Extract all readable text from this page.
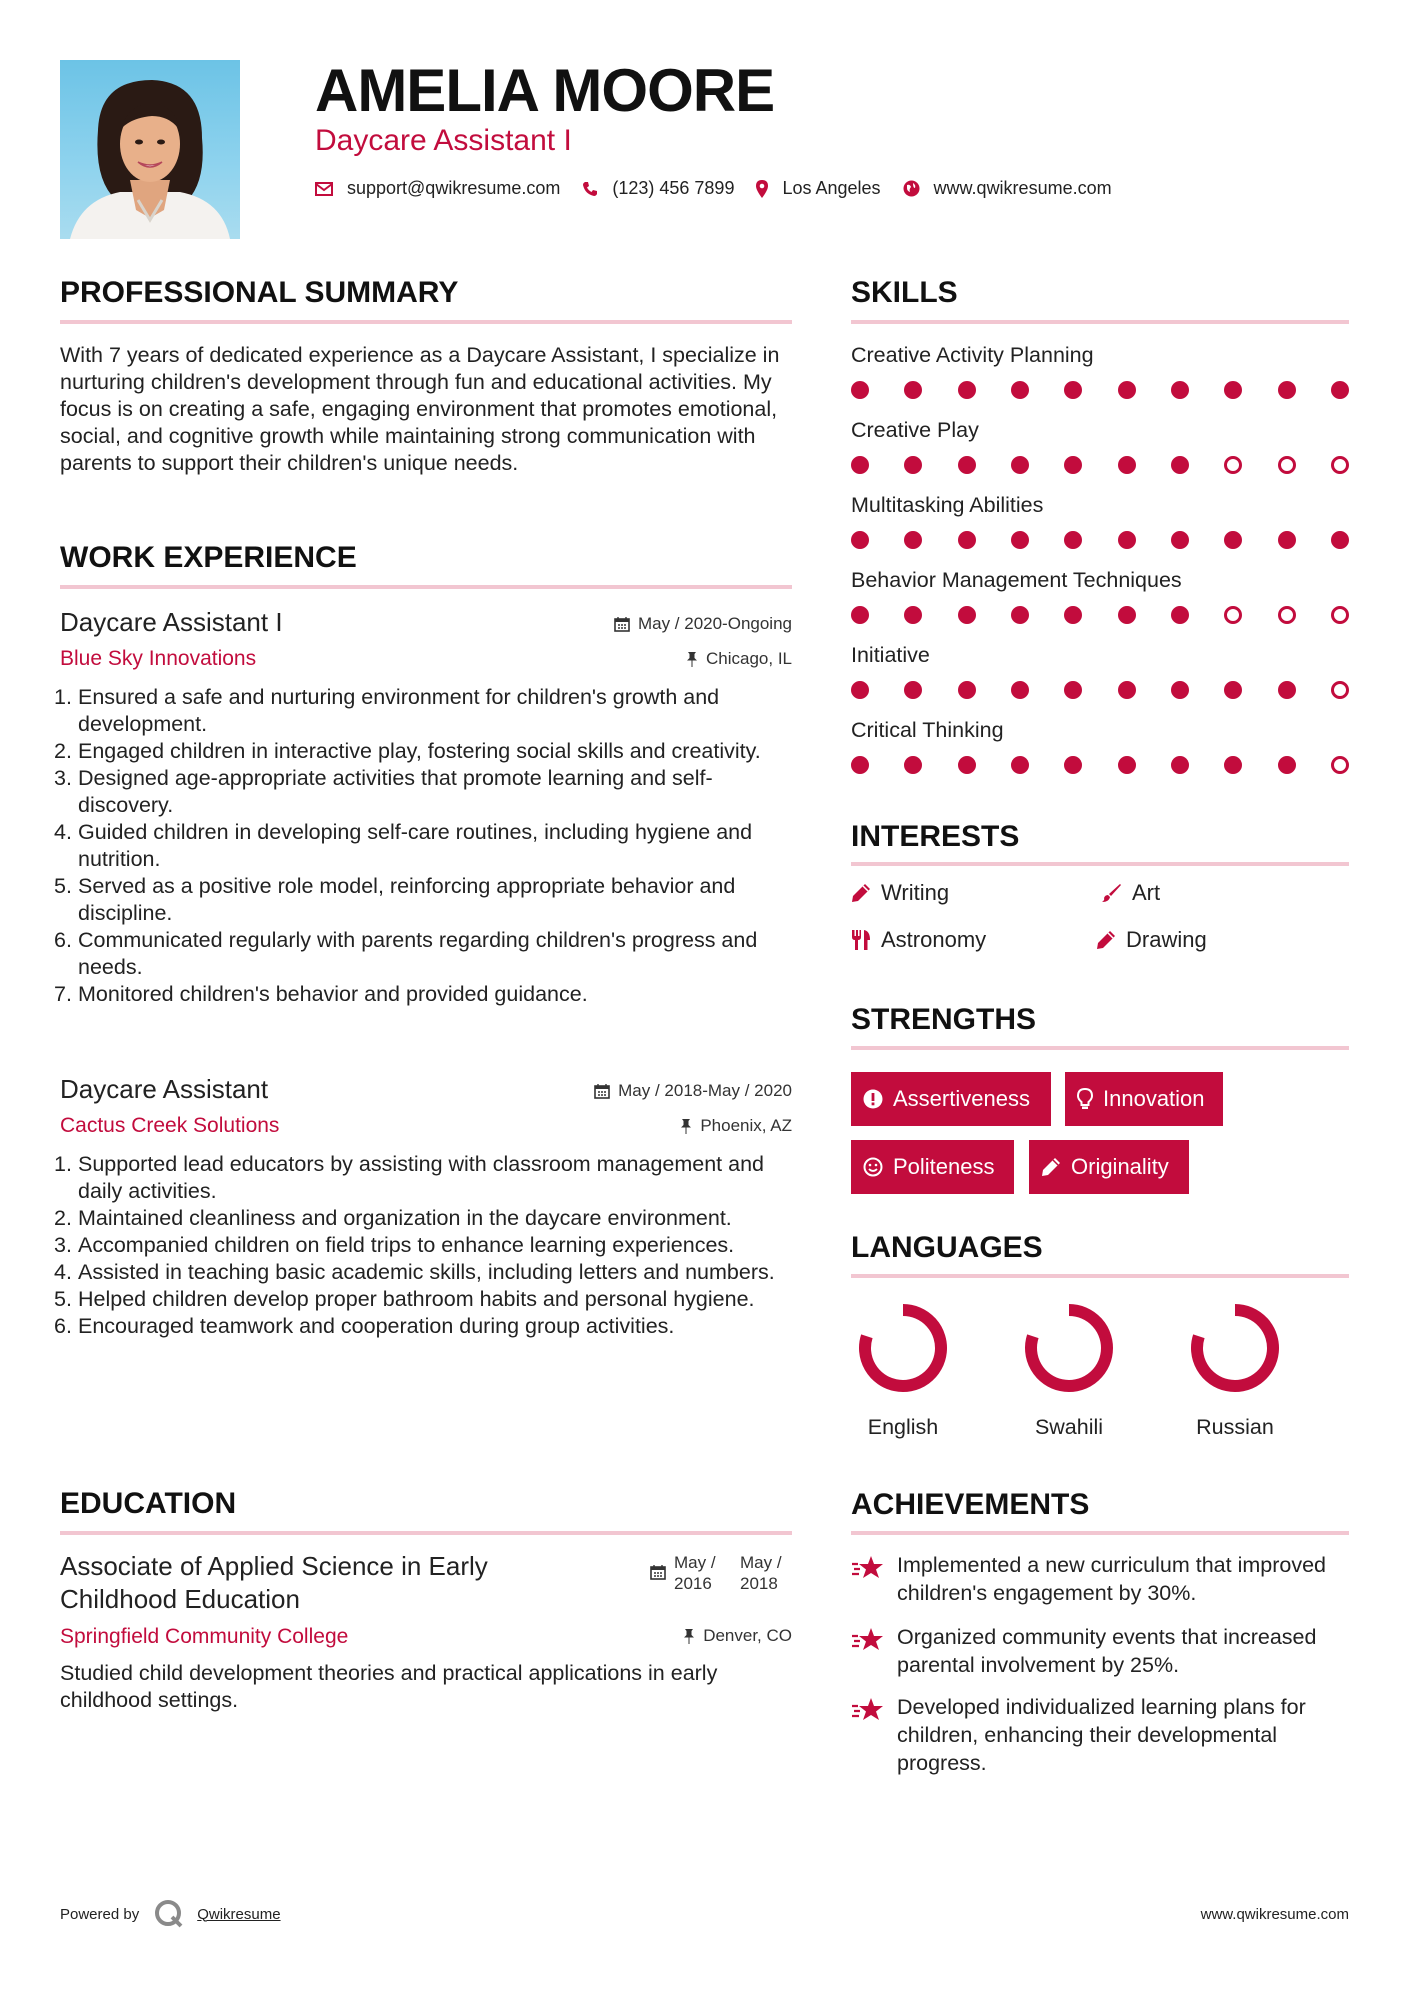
AMELIA MOORE
Daycare Assistant I
support@qwikresume.com	(123) 456 7899	Los Angeles	www.qwikresume.com
PROFESSIONAL SUMMARY
With 7 years of dedicated experience as a Daycare Assistant, I specialize in nurturing children's development through fun and educational activities. My focus is on creating a safe, engaging environment that promotes emotional, social, and cognitive growth while maintaining strong communication with parents to support their children's unique needs.
WORK EXPERIENCE
Daycare Assistant I
Blue Sky Innovations
May / 2020-Ongoing
Chicago, IL
1. Ensured a safe and nurturing environment for children's growth and development.
2. Engaged children in interactive play, fostering social skills and creativity.
3. Designed age-appropriate activities that promote learning and self-discovery.
4. Guided children in developing self-care routines, including hygiene and nutrition.
5. Served as a positive role model, reinforcing appropriate behavior and discipline.
6. Communicated regularly with parents regarding children's progress and needs.
7. Monitored children's behavior and provided guidance.
Daycare Assistant
Cactus Creek Solutions
May / 2018-May / 2020
Phoenix, AZ
1. Supported lead educators by assisting with classroom management and daily activities.
2. Maintained cleanliness and organization in the daycare environment.
3. Accompanied children on field trips to enhance learning experiences.
4. Assisted in teaching basic academic skills, including letters and numbers.
5. Helped children develop proper bathroom habits and personal hygiene.
6. Encouraged teamwork and cooperation during group activities.
EDUCATION
Associate of Applied Science in Early Childhood Education
Springfield Community College
May / 2016
May / 2018
Denver, CO
Studied child development theories and practical applications in early childhood settings.
SKILLS
Creative Activity Planning
Creative Play
Multitasking Abilities
Behavior Management Techniques
Initiative
Critical Thinking
INTERESTS
Writing	Art
Astronomy	Drawing
STRENGTHS
Assertiveness	Innovation
Politeness	Originality
LANGUAGES
English	Swahili	Russian
ACHIEVEMENTS
Implemented a new curriculum that improved children's engagement by 30%.
Organized community events that increased parental involvement by 25%.
Developed individualized learning plans for children, enhancing their developmental progress.
Powered by	Qwikresume	www.qwikresume.com
